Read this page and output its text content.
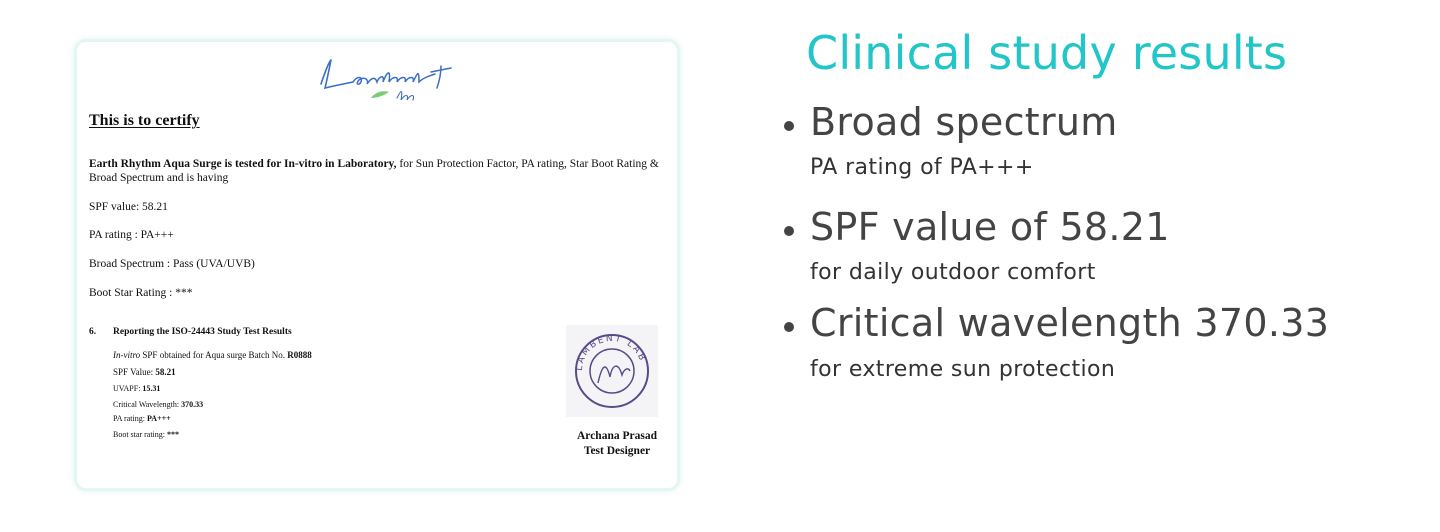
This is to certify
Earth Rhythm Aqua Surge is tested for In-vitro in Laboratory, for Sun Protection Factor, PA rating, Star Boot Rating & Broad Spectrum and is having
SPF value: 58.21
PA rating : PA+++
Broad Spectrum : Pass (UVA/UVB)
Boot Star Rating : ***
6. Reporting the ISO-24443 Study Test Results
In-vitro SPF obtained for Aqua surge Batch No. R0888
SPF Value: 58.21
UVAPF: 15.31
Critical Wavelength: 370.33
PA rating: PA+++
Boot star rating: ***
LAMBENT LAB
Archana Prasad
Test Designer
Clinical study results
Broad spectrum
PA rating of PA+++
SPF value of 58.21
for daily outdoor comfort
Critical wavelength 370.33
for extreme sun protection
